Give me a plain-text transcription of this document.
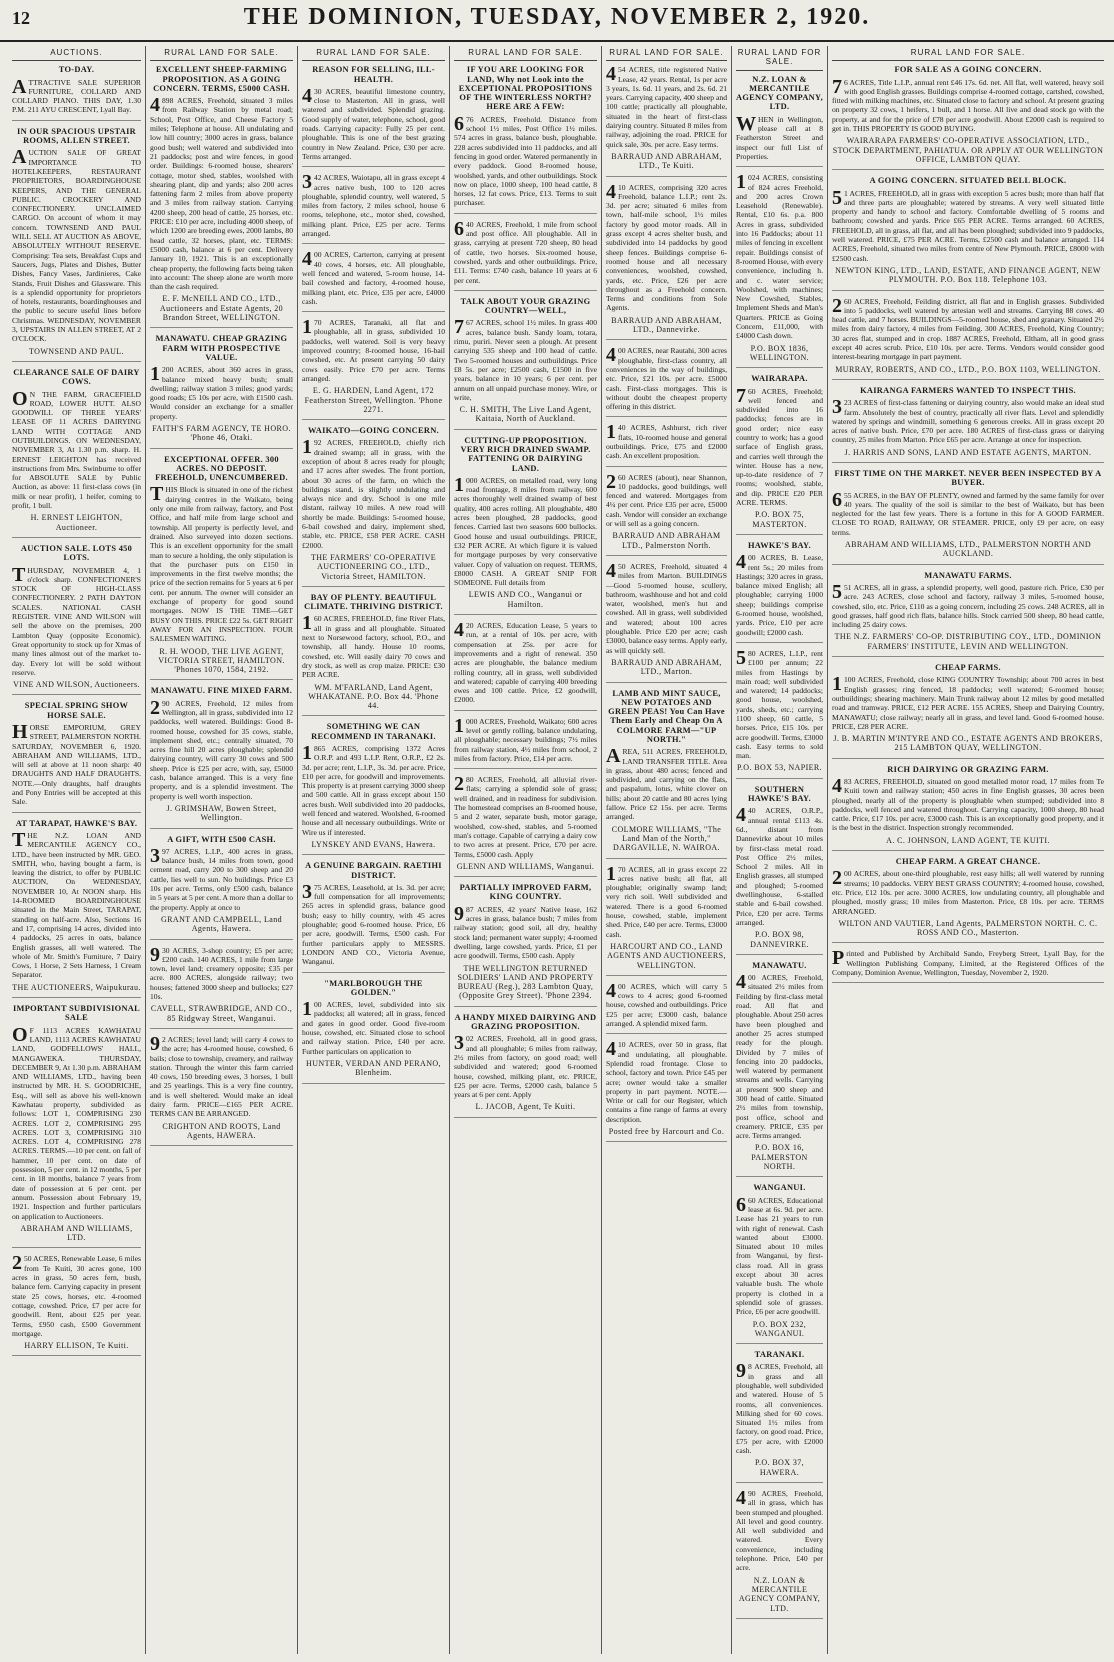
12	THE DOMINION, TUESDAY, NOVEMBER 2, 1920.
AUCTIONS.
TO-DAY.
ATTRACTIVE SALE SUPERIOR FURNITURE, COLLARD AND COLLARD PIANO. THIS DAY, 1.30 P.M. 211 AYU CRESCENT, Lyall Bay.
IN OUR SPACIOUS UPSTAIR ROOMS, ALLEN STREET.
AUCTION SALE OF GREAT IMPORTANCE TO HOTELKEEPERS, RESTAURANT PROPRIETORS, BOARDINGHOUSE KEEPERS, AND THE GENERAL PUBLIC. CROCKERY AND CONFECTIONERY. UNCLAIMED CARGO. On account of whom it may concern. TOWNSEND AND PAUL WILL SELL AT AUCTION AS ABOVE, ABSOLUTELY WITHOUT RESERVE. Comprising: Tea sets, Breakfast Cups and Saucers, Jugs, Plates and Dishes, Butter Dishes, Fancy Vases, Jardinieres, Cake Stands, Fruit Dishes and Glassware. This is a splendid opportunity for proprietors of hotels, restaurants, boardinghouses and the public to secure useful lines before Christmas. WEDNESDAY, NOVEMBER 3, UPSTAIRS IN ALLEN STREET, AT 2 O'CLOCK.
TOWNSEND AND PAUL.
CLEARANCE SALE OF DAIRY COWS.
ON THE FARM, GRACEFIELD ROAD, LOWER HUTT. ALSO GOODWILL OF THREE YEARS' LEASE OF 11 ACRES DAIRYING LAND WITH COTTAGE AND OUTBUILDINGS. ON WEDNESDAY, NOVEMBER 3, At 1.30 p.m. sharp. H. ERNEST LEIGHTON has received instructions from Mrs. Swinburne to offer for ABSOLUTE SALE by Public Auction, as above: 11 first-class cows (in milk or near profit), 1 heifer, coming to profit, 1 bull.
H. ERNEST LEIGHTON, Auctioneer.
AUCTION SALE. LOTS 450 LOTS.
THURSDAY, NOVEMBER 4, 1 o'clock sharp. CONFECTIONER'S STOCK OF HIGH-CLASS CONFECTIONERY. 2 PATH DAYTON SCALES. NATIONAL CASH REGISTER. VINE AND WILSON will sell the above on the premises, 200 Lambton Quay (opposite Economic). Great opportunity to stock up for Xmas of many lines almost out of the market to-day. Every lot will be sold without reserve.
VINE AND WILSON, Auctioneers.
SPECIAL SPRING SHOW HORSE SALE.
HORSE EMPORIUM, GREY STREET, PALMERSTON NORTH. SATURDAY, NOVEMBER 6, 1920. ABRAHAM AND WILLIAMS, LTD., will sell at above at 11 noon sharp: 40 DRAUGHTS AND HALF DRAUGHTS. NOTE.—Only draughts, half draughts and Pony Entries will be accepted at this Sale.
AT TARAPAT, HAWKE'S BAY.
THE N.Z. LOAN AND MERCANTILE AGENCY CO., LTD., have been instructed by MR. GEO. SMITH, who, having bought a farm, is leaving the district, to offer by PUBLIC AUCTION, On WEDNESDAY, NOVEMBER 10, At NOON sharp. His 14-ROOMED BOARDINGHOUSE situated in the Main Street, TARAPAT, standing on half-acre. Also, Sections 16 and 17, comprising 14 acres, divided into 4 paddocks, 25 acres in oats, balance English grasses, all well watered. The whole of Mr. Smith's Furniture, 7 Dairy Cows, 1 Horse, 2 Sets Harness, 1 Cream Separator.
THE AUCTIONEERS, Waipukurau.
IMPORTANT SUBDIVISIONAL SALE
OF 1113 ACRES KAWHATAU LAND, 1113 ACRES KAWHATAU LAND, GODFELLOWS' HALL, MANGAWEKA. THURSDAY, DECEMBER 9, At 1.30 p.m. ABRAHAM AND WILLIAMS, LTD., having been instructed by MR. H. S. GOODRICHE, Esq., will sell as above his well-known Kawhatau property, subdivided as follows: LOT 1, COMPRISING 230 ACRES. LOT 2, COMPRISING 295 ACRES. LOT 3, COMPRISING 310 ACRES. LOT 4, COMPRISING 278 ACRES. TERMS.—10 per cent. on fall of hammer, 10 per cent. on date of possession, 5 per cent. in 12 months, 5 per cent. in 18 months, balance 7 years from date of possession at 6 per cent. per annum. Possession about February 19, 1921. Inspection and further particulars on application to Auctioneers.
ABRAHAM AND WILLIAMS, LTD.
250 ACRES, Renewable Lease, 6 miles from Te Kuiti, 30 acres gone, 100 acres in grass, 50 acres fern, bush, balance fern. Carrying capacity in present state 25 cows, horses, etc. 4-roomed cottage, cowshed. Price, £7 per acre for goodwill. Rent, about £25 per year. Terms, £950 cash, £500 Government mortgage.
HARRY ELLISON, Te Kuiti.
RURAL LAND FOR SALE.
EXCELLENT SHEEP-FARMING PROPOSITION. AS A GOING CONCERN. TERMS, £5000 CASH.
4898 ACRES, Freehold, situated 3 miles from Railway Station by metal road; School, Post Office, and Cheese Factory 5 miles; Telephone at house. All undulating and low hill country; 3000 acres in grass, balance good bush; well watered and subdivided into 21 paddocks; post and wire fences, in good order. Buildings: 6-roomed house, shearers' cottage, motor shed, stables, woolshed with shearing plant, dip and yards; also 200 acres fattening farm 2 miles from above property and 3 miles from railway station. Carrying 4200 sheep, 200 head of cattle, 25 horses, etc. PRICE: £10 per acre, including 4000 sheep, of which 1200 are breeding ewes, 2000 lambs, 80 head cattle, 32 horses, plant, etc. TERMS: £5000 cash, balance at 6 per cent. Delivery January 10, 1921. This is an exceptionally cheap property, the following facts being taken into account: The sheep alone are worth more than the cash required.
E. F. McNEILL AND CO., LTD., Auctioneers and Estate Agents, 20 Brandon Street, WELLINGTON.
MANAWATU. CHEAP GRAZING FARM WITH PROSPECTIVE VALUE.
1200 ACRES, about 360 acres in grass, balance mixed heavy bush; small dwelling; railway station 3 miles; good yards; good roads; £5 10s per acre, with £1500 cash. Would consider an exchange for a smaller property.
FAITH'S FARM AGENCY, TE HORO. 'Phone 46, Otaki.
EXCEPTIONAL OFFER. 300 ACRES. NO DEPOSIT. FREEHOLD, UNENCUMBERED.
THIS Block is situated in one of the richest dairying centres in the Waikato, being only one mile from railway, factory, and Post Office, and half mile from large school and township. All property is perfectly level, and drained. Also surveyed into dozen sections. This is an excellent opportunity for the small man to secure a holding, the only stipulation is that the purchaser puts on £150 in improvements in the first twelve months; the price of the section remains for 5 years at 6 per cent. per annum. The owner will consider an exchange of property for good sound mortgages. NOW IS THE TIME—GET BUSY ON THIS. PRICE £22 5s. GET RIGHT AWAY FOR AN INSPECTION. FOUR SALESMEN WAITING.
R. H. WOOD, THE LIVE AGENT, VICTORIA STREET, HAMILTON. 'Phones 1070, 1584, 2192.
MANAWATU. FINE MIXED FARM.
290 ACRES, Freehold, 12 miles from Wellington, all in grass, subdivided into 12 paddocks, well watered. Buildings: Good 8-roomed house, cowshed for 35 cows, stable, implement shed, etc.; centrally situated, 70 acres fine hill 20 acres ploughable; splendid dairying country, will carry 30 cows and 500 sheep. Price is £25 per acre, with, say, £5000 cash, balance arranged. This is a very fine property, and is a splendid investment. The property is well worth inspection.
J. GRIMSHAW, Bowen Street, Wellington.
A GIFT, WITH £500 CASH.
397 ACRES, L.I.P., 400 acres in grass, balance bush, 14 miles from town, good cement road, carry 200 to 300 sheep and 20 cattle, lies well to sun. No buildings. Price £3 10s per acre. Terms, only £500 cash, balance in 5 years at 5 per cent. A more than a dollar to the property. Apply at once to
GRANT AND CAMPBELL, Land Agents, Hawera.
930 ACRES, 3-shop country; £5 per acre; £200 cash. 140 ACRES, 1 mile from large town, level land; creamery opposite; £35 per acre. 800 ACRES, alongside railway; two houses; fattened 3000 sheep and bullocks; £27 10s.
CAVELL, STRAWBRIDGE, AND CO., 85 Ridgway Street, Wanganui.
92 ACRES; level land; will carry 4 cows to the acre; has 4-roomed house, cowshed, 6 bails; close to township, creamery, and railway station. Through the winter this farm carried 40 cows, 150 breeding ewes, 3 horses, 1 bull and 25 yearlings. This is a very fine country, and is well sheltered. Would make an ideal dairy farm. PRICE—£165 PER ACRE. TERMS CAN BE ARRANGED.
CRIGHTON AND ROOTS, Land Agents, HAWERA.
RURAL LAND FOR SALE.
REASON FOR SELLING, ILL-HEALTH.
430 ACRES, beautiful limestone country, close to Masterton. All in grass, well watered and subdivided. Splendid grazing. Good supply of water, telephone, school, good roads. Carrying capacity: Fully 25 per cent. ploughable. This is one of the best grazing country in New Zealand. Price, £30 per acre. Terms arranged.
342 ACRES, Waiotapu, all in grass except 4 acres native bush, 100 to 120 acres ploughable, splendid country, well watered, 5 miles from factory, 2 miles school, house 6 rooms, telephone, etc., motor shed, cowshed, milking plant. Price, £25 per acre. Terms arranged.
400 ACRES, Carterton, carrying at present 40 cows, 4 horses, etc. All ploughable, well fenced and watered, 5-room house, 14-bail cowshed and factory, 4-roomed house, milking plant, etc. Price, £35 per acre, £4000 cash.
170 ACRES, Taranaki, all flat and ploughable, all in grass, subdivided 10 paddocks, well watered. Soil is very heavy improved country; 8-roomed house, 16-bail cowshed, etc. At present carrying 50 dairy cows easily. Price £70 per acre. Terms arranged.
E. G. HARDEN, Land Agent, 172 Featherston Street, Wellington. 'Phone 2271.
WAIKATO—GOING CONCERN.
192 ACRES, FREEHOLD, chiefly rich drained swamp; all in grass, with the exception of about 8 acres ready for plough; and 17 acres after swedes. The front portion, about 30 acres of the farm, on which the buildings stand, is slightly undulating and always nice and dry. School is one mile distant, railway 10 miles. A new road will shortly be made. Buildings: 5-roomed house, 6-bail cowshed and dairy, implement shed, stable, etc. PRICE, £58 PER ACRE. CASH £2000.
THE FARMERS' CO-OPERATIVE AUCTIONEERING CO., LTD., Victoria Street, HAMILTON.
BAY OF PLENTY. BEAUTIFUL CLIMATE. THRIVING DISTRICT.
160 ACRES, FREEHOLD, fine River Flats, all in grass and all ploughable. Situated next to Norsewood factory, school, P.O., and township, all handy. House 10 rooms, cowshed, etc. Will easily dairy 70 cows and dry stock, as well as crop maize. PRICE: £30 PER ACRE.
WM. M'FARLAND, Land Agent, WHAKATANE. P.O. Box 44. 'Phone 44.
SOMETHING WE CAN RECOMMEND IN TARANAKI.
1865 ACRES, comprising 1372 Acres O.R.P. and 493 L.I.P. Rent, O.R.P., £2 2s. 3d. per acre; rent, L.I.P., 3s. 3d. per acre. Price, £10 per acre, for goodwill and improvements. This property is at present carrying 3000 sheep and 500 cattle. All in grass except about 150 acres bush. Well subdivided into 20 paddocks, well fenced and watered. Woolshed, 6-roomed house and all necessary outbuildings. Write or Wire us if interested.
LYNSKEY AND EVANS, Hawera.
A GENUINE BARGAIN. RAETIHI DISTRICT.
375 ACRES, Leasehold, at 1s. 3d. per acre; full compensation for all improvements; 265 acres in splendid grass, balance good bush; easy to hilly country, with 45 acres ploughable; good 6-roomed house. Price, £6 per acre, goodwill. Terms, £500 cash. For further particulars apply to MESSRS. LONDON AND CO., Victoria Avenue, Wanganui.
"MARLBOROUGH THE GOLDEN."
100 ACRES, level, subdivided into six paddocks; all watered; all in grass, fenced and gates in good order. Good five-room house, cowshed, etc. Situated close to school and railway station. Price, £40 per acre. Further particulars on application to
HUNTER, VERDAN AND PERANO, Blenheim.
RURAL LAND FOR SALE.
IF YOU ARE LOOKING FOR LAND, Why not Look into the EXCEPTIONAL PROPOSITIONS OF THE WINTERLESS NORTH? HERE ARE A FEW:
676 ACRES, Freehold. Distance from school 1½ miles, Post Office 1½ miles. 574 acres in grass, balance bush, ploughable. 228 acres subdivided into 11 paddocks, and all fencing in good order. Watered permanently in every paddock. Good 8-roomed house, woolshed, yards, and other outbuildings. Stock now on place, 1000 sheep, 100 head cattle, 8 horses, 12 fat cows. Price, £13. Terms to suit purchaser.
640 ACRES, Freehold, 1 mile from school and post office. All ploughable. All in grass, carrying at present 720 sheep, 80 head of cattle, two horses. Six-roomed house, cowshed, yards and other outbuildings. Price, £11. Terms: £740 cash, balance 10 years at 6 per cent.
TALK ABOUT YOUR GRAZING COUNTRY—WELL,
767 ACRES, school 1½ miles. In grass 400 acres, balance bush. Sandy loam, totara, rimu, puriri. Never seen a plough. At present carrying 535 sheep and 100 head of cattle. Two 5-roomed houses and outbuildings. Price £8 5s. per acre; £2500 cash, £1500 in five years, balance in 10 years; 6 per cent. per annum on all unpaid purchase money. Wire, or write,
C. H. SMITH, The Live Land Agent, Kaitaia, North of Auckland.
CUTTING-UP PROPOSITION. VERY RICH DRAINED SWAMP. FATTENING OR DAIRYING LAND.
1000 ACRES, on metalled road, very long road frontage, 8 miles from railway, 600 acres thoroughly well drained swamp of best quality, 400 acres rolling. All ploughable, 480 acres been ploughed, 28 paddocks, good fences. Carried last two seasons 600 bullocks. Good house and usual outbuildings. PRICE, £32 PER ACRE. At which figure it is valued for mortgage purposes by very conservative valuer. Copy of valuation on request. TERMS, £8000 CASH. A GREAT SNIP FOR SOMEONE. Full details from
LEWIS AND CO., Wanganui or Hamilton.
420 ACRES, Education Lease, 5 years to run, at a rental of 10s. per acre, with compensation at 25s. per acre for improvements and a right of renewal. 350 acres are ploughable, the balance medium rolling country, all in grass, well subdivided and watered; capable of carrying 400 breeding ewes and 100 cattle. Price, £2 goodwill, £2000.
1000 ACRES, Freehold, Waikato; 600 acres level or gently rolling, balance undulating, all ploughable; necessary buildings; 7½ miles from railway station, 4½ miles from school, 2 miles from factory. Price, £14 per acre.
280 ACRES, Freehold, all alluvial river-flats; carrying a splendid sole of grass; well drained, and in readiness for subdivision. The homestead comprises an 8-roomed house, 5 and 2 water, separate bush, motor garage, woolshed, cow-shed, stables, and 5-roomed man's cottage. Capable of carrying a dairy cow to two acres at present. Price, £70 per acre. Terms, £5000 cash. Apply
GLENN AND WILLIAMS, Wanganui.
PARTIALLY IMPROVED FARM, KING COUNTRY.
987 ACRES, 42 years' Native lease, 162 acres in grass, balance bush; 7 miles from railway station; good soil, all dry, healthy stock land; permanent water supply; 4-roomed dwelling, large cowshed, yards. Price, £1 per acre goodwill. Terms, £500 cash. Apply
THE WELLINGTON RETURNED SOLDIERS' LAND AND PROPERTY BUREAU (Reg.), 283 Lambton Quay, (Opposite Grey Street). 'Phone 2394.
A HANDY MIXED DAIRYING AND GRAZING PROPOSITION.
302 ACRES, Freehold, all in good grass, and all ploughable; 6 miles from railway, 2½ miles from factory, on good road; well subdivided and watered; good 6-roomed house, cowshed, milking plant, etc. PRICE, £25 per acre. Terms, £2000 cash, balance 5 years at 6 per cent. Apply
L. JACOB, Agent, Te Kuiti.
RURAL LAND FOR SALE.
454 ACRES, title registered Native Lease, 42 years. Rental, 1s per acre 3 years, 1s. 6d. 11 years, and 2s. 6d. 21 years. Carrying capacity, 400 sheep and 100 cattle; practically all ploughable, situated in the heart of first-class dairying country. Situated 8 miles from railway, adjoining the road. PRICE for quick sale, 30s. per acre. Easy terms.
BARRAUD AND ABRAHAM, LTD., Te Kuiti.
410 ACRES, comprising 320 acres Freehold, balance L.I.P.; rent 2s. 3d. per acre; situated 6 miles from town, half-mile school, 1½ miles factory by good motor roads. All in grass except 4 acres shelter bush, and subdivided into 14 paddocks by good sheep fences. Buildings comprise 6-roomed house and all necessary conveniences, woolshed, cowshed, yards, etc. Price, £26 per acre throughout as a Freehold concern. Terms and conditions from Sole Agents.
BARRAUD AND ABRAHAM, LTD., Dannevirke.
400 ACRES, near Rautahi, 300 acres ploughable, first-class country, all conveniences in the way of buildings, etc. Price, £21 10s. per acre. £5000 cash. First-class mortgages. This is without doubt the cheapest property offering in this district.
140 ACRES, Ashhurst, rich river flats, 10-roomed house and general outbuildings. Price, £75 and £2000 cash. An excellent proposition.
260 ACRES (about), near Shannon, 10 paddocks, good buildings, well fenced and watered. Mortgages from 4¼ per cent. Price £35 per acre, £5000 cash. Vendor will consider an exchange or will sell as a going concern.
BARRAUD AND ABRAHAM LTD., Palmerston North.
450 ACRES, Freehold, situated 4 miles from Marton. BUILDINGS—Good 5-roomed house, scullery, bathroom, washhouse and hot and cold water, woolshed, men's hut and cowshed. All in grass, well subdivided and watered; about 100 acres ploughable. Price £20 per acre; cash £3000, balance easy terms. Apply early, as will quickly sell.
BARRAUD AND ABRAHAM, LTD., Marton.
LAMB AND MINT SAUCE, NEW POTATOES AND GREEN PEAS! You Can Have Them Early and Cheap On A COLMORE FARM—"UP NORTH."
AREA, 511 ACRES, FREEHOLD, LAND TRANSFER TITLE. Area in grass, about 480 acres; fenced and subdivided, and carrying on the flats, and paspalum, lotus, white clover on hills; about 20 cattle and 80 acres lying fallow. Price £2 15s. per acre. Terms arranged.
COLMORE WILLIAMS, "The Land Man of the North," DARGAVILLE, N. WAIROA.
170 ACRES, all in grass except 22 acres native bush; all flat, all ploughable; originally swamp land; very rich soil. Well subdivided and watered. There is a good 6-roomed house, cowshed, stable, implement shed. Price, £40 per acre. Terms, £3000 cash.
HARCOURT AND CO., LAND AGENTS AND AUCTIONEERS, WELLINGTON.
400 ACRES, which will carry 5 cows to 4 acres; good 6-roomed house, cowshed and outbuildings. Price £25 per acre; £3000 cash, balance arranged. A splendid mixed farm.
410 ACRES, over 50 in grass, flat and undulating, all ploughable. Splendid road frontage. Close to school, factory and town. Price £45 per acre; owner would take a smaller property in part payment. NOTE.—Write or call for our Register, which contains a fine range of farms at every description.
Posted free by Harcourt and Co.
RURAL LAND FOR SALE.
N.Z. LOAN & MERCANTILE AGENCY COMPANY, LTD.
WHEN in Wellington, please call at 8 Featherston Street and inspect our full List of Properties.
1024 ACRES, consisting of 824 acres Freehold, and 200 acres Crown Leasehold (Renewable). Rental, £10 6s. p.a. 800 Acres in grass, subdivided into 16 Paddocks; about 11 miles of fencing in excellent repair. Buildings consist of 8-roomed House, with every convenience, including h. and c. water service; Woolshed, with machines; New Cowshed, Stables, Implement Sheds and Man's Quarters. PRICE as Going Concern, £11,000, with £4000 Cash down.
P.O. BOX 1836, WELLINGTON.
WAIRARAPA.
760 ACRES, Freehold; well fenced and subdivided into 16 paddocks; fences are in good order; nice easy country to work; has a good surface of English grass, and carries well through the winter. House has a new, up-to-date residence of 7 rooms; woolshed, stable, and dip. PRICE £20 PER ACRE. TERMS.
P.O. BOX 75, MASTERTON.
HAWKE'S BAY.
400 ACRES, B. Lease, rent 5s.; 20 miles from Hastings; 320 acres in grass, balance mixed English; all ploughable; carrying 1000 sheep; buildings comprise 6-roomed house, woolshed, yards. Price, £10 per acre goodwill; £2000 cash.
580 ACRES, L.I.P., rent £100 per annum; 22 miles from Hastings by main road; well subdivided and watered; 14 paddocks; good house, woolshed, yards, sheds, etc.; carrying 1100 sheep, 60 cattle, 5 horses. Price, £15 10s. per acre goodwill. Terms, £3000 cash. Easy terms to sold man.
P.O. BOX 53, NAPIER.
SOUTHERN HAWKE'S BAY.
440 ACRES, O.R.P., annual rental £113 4s. 6d., distant from Dannevirke about 10 miles by first-class metal road. Post Office 2½ miles, School 2 miles. All in English grasses, all stumped and ploughed; 5-roomed dwellinghouse, 6-stalled stable and 6-bail cowshed. Price, £20 per acre. Terms arranged.
P.O. BOX 98, DANNEVIRKE.
MANAWATU.
400 ACRES, Freehold, situated 2½ miles from Feilding by first-class metal road. All flat and ploughable. About 250 acres have been ploughed and another 25 acres stumped ready for the plough. Divided by 7 miles of fencing into 20 paddocks, well watered by permanent streams and wells. Carrying at present 900 sheep and 300 head of cattle. Situated 2½ miles from township, post office, school and creamery. PRICE, £35 per acre. Terms arranged.
P.O. BOX 16, PALMERSTON NORTH.
WANGANUI.
660 ACRES, Educational lease at 6s. 9d. per acre. Lease has 21 years to run with right of renewal. Cash wanted about £3000. Situated about 10 miles from Wanganui, by first-class road. All in grass except about 30 acres valuable bush. The whole property is clothed in a splendid sole of grasses. Price, £6 per acre goodwill.
P.O. BOX 232, WANGANUI.
TARANAKI.
98 ACRES, Freehold, all in grass and all ploughable, well subdivided and watered. House of 5 rooms, all conveniences. Milking shed for 60 cows. Situated 1½ miles from factory, on good road. Price, £75 per acre, with £2000 cash.
P.O. BOX 37, HAWERA.
490 ACRES, Freehold, all in grass, which has been stumped and ploughed. All level and good country. All well subdivided and watered. Every convenience, including telephone. Price, £40 per acre.
N.Z. LOAN & MERCANTILE AGENCY COMPANY, LTD.
RURAL LAND FOR SALE.
FOR SALE AS A GOING CONCERN.
76 ACRES, Title L.I.P., annual rent £46 17s. 6d. net. All flat, well watered, heavy soil with good English grasses. Buildings comprise 4-roomed cottage, cartshed, cowshed, fitted with milking machines, etc. Situated close to factory and school. At present grazing on property 32 cows, 1 heifers, 1 bull, and 1 horse. All live and dead stock go with the property, at and for the price of £78 per acre goodwill. About £2000 cash is required to get in. THIS PROPERTY IS GOOD BUYING.
WAIRARAPA FARMERS' CO-OPERATIVE ASSOCIATION, LTD., STOCK DEPARTMENT, PAHIATUA. OR APPLY AT OUR WELLINGTON OFFICE, LAMBTON QUAY.
A GOING CONCERN. SITUATED BELL BLOCK.
51 ACRES, FREEHOLD, all in grass with exception 5 acres bush; more than half flat and three parts are ploughable; watered by streams. A very well situated little property and handy to school and factory. Comfortable dwelling of 5 rooms and bathroom; cowshed and yards. Price £65 PER ACRE. Terms arranged. 60 ACRES, FREEHOLD, all in grass, all flat, and all has been ploughed; subdivided into 9 paddocks, well watered. PRICE, £75 PER ACRE. Terms, £2500 cash and balance arranged. 114 ACRES, Freehold, situated two miles from centre of New Plymouth. PRICE, £8000 with £2500 cash.
NEWTON KING, LTD., LAND, ESTATE, AND FINANCE AGENT, NEW PLYMOUTH. P.O. Box 118. Telephone 103.
260 ACRES, Freehold, Feilding district, all flat and in English grasses. Subdivided into 5 paddocks, well watered by artesian well and streams. Carrying 88 cows. 40 head cattle, and 7 horses. BUILDINGS—5-roomed house, shed and granary. Situated 2½ miles from dairy factory, 4 miles from Feilding. 300 ACRES, Freehold, King Country; 30 acres flat, stumped and in crop. 1887 ACRES, Freehold, Eltham, all in good grass except 40 acres scrub. Price, £10 10s. per acre. Terms. Vendors would consider good interest-bearing mortgage in part payment.
MURRAY, ROBERTS, AND CO., LTD., P.O. BOX 1103, WELLINGTON.
KAIRANGA FARMERS WANTED TO INSPECT THIS.
323 ACRES of first-class fattening or dairying country, also would make an ideal stud farm. Absolutely the best of country, practically all river flats. Level and splendidly watered by springs and windmill, something 6 generous creeks. All in grass except 20 acres of native bush. Price, £70 per acre. 180 ACRES of first-class grass or dairying country, 25 miles from Marton. Price £65 per acre. Arrange at once for inspection.
J. HARRIS AND SONS, LAND AND ESTATE AGENTS, MARTON.
FIRST TIME ON THE MARKET. NEVER BEEN INSPECTED BY A BUYER.
655 ACRES, in the BAY OF PLENTY, owned and farmed by the same family for over 40 years. The quality of the soil is similar to the best of Waikato, but has been neglected for the last few years. There is a fortune in this for A GOOD FARMER. CLOSE TO ROAD, RAILWAY, OR STEAMER. PRICE, only £9 per acre, on easy terms.
ABRAHAM AND WILLIAMS, LTD., PALMERSTON NORTH AND AUCKLAND.
MANAWATU FARMS.
551 ACRES, all in grass, a splendid property, well good, pasture rich. Price, £30 per acre. 243 ACRES, close school and factory, railway 3 miles, 5-roomed house, cowshed, silo, etc. Price, £110 as a going concern, including 25 cows. 248 ACRES, all in good grasses, half good rich flats, balance hills. Stock carried 500 sheep, 80 head cattle, including 25 dairy cows.
THE N.Z. FARMERS' CO-OP. DISTRIBUTING COY., LTD., DOMINION FARMERS' INSTITUTE, LEVIN AND WELLINGTON.
CHEAP FARMS.
1100 ACRES, Freehold, close KING COUNTRY Township; about 700 acres in best English grasses; ring fenced, 18 paddocks; well watered; 6-roomed house; outbuildings; shearing machinery. Main Trunk railway about 12 miles by good metalled road and tramway. PRICE, £12 PER ACRE. 155 ACRES, Sheep and Dairying Country, MANAWATU; close railway; nearly all in grass, and level land. Good 6-roomed house. PRICE, £28 PER ACRE.
J. B. MARTIN M'INTYRE AND CO., ESTATE AGENTS AND BROKERS, 215 LAMBTON QUAY, WELLINGTON.
RICH DAIRYING OR GRAZING FARM.
483 ACRES, FREEHOLD, situated on good metalled motor road, 17 miles from Te Kuiti town and railway station; 450 acres in fine English grasses, 30 acres been ploughed, nearly all of the property is ploughable when stumped; subdivided into 8 paddocks, well fenced and watered throughout. Carrying capacity, 1000 sheep, 80 head cattle. Price, £17 10s. per acre, £3000 cash. This is an exceptionally good property, and it is the best in the district. Inspection strongly recommended.
A. C. JOHNSON, LAND AGENT, TE KUITI.
CHEAP FARM. A GREAT CHANCE.
200 ACRES, about one-third ploughable, rest easy hills; all well watered by running streams; 10 paddocks. VERY BEST GRASS COUNTRY; 4-roomed house, cowshed, etc. Price, £12 10s. per acre. 3000 ACRES, low undulating country, all ploughable and ploughed, mostly grass; 10 miles from Masterton. Price, £8 10s. per acre. TERMS ARRANGED.
WILTON AND VAUTIER, Land Agents, PALMERSTON NORTH. C. C. ROSS AND CO., Masterton.
Printed and Published by Archibald Sando, Freyberg Street, Lyall Bay, for the Wellington Publishing Company, Limited, at the Registered Offices of the Company, Dominion Avenue, Wellington, Tuesday, November 2, 1920.
